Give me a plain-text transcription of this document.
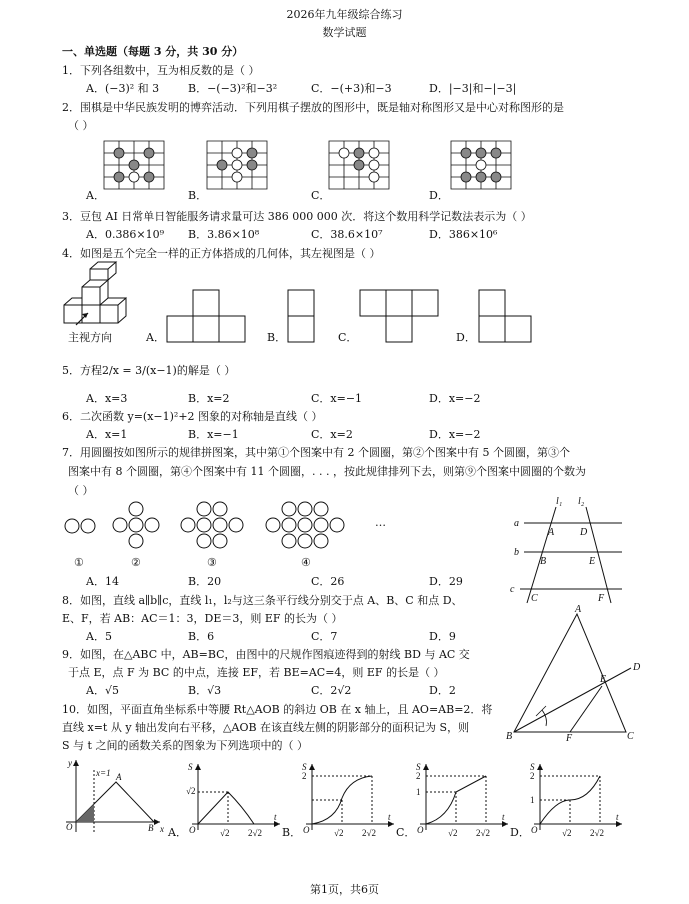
2026年九年级综合练习
数学试题
一、单选题（每题 3 分，共 30 分）
1．下列各组数中，互为相反数的是（ ）
A．(−3)² 和 3	B．−(−3)²和−3²	C．−(+3)和−3	D．|−3|和−|−3|
2．围棋是中华民族发明的博弈活动．下列用棋子摆放的图形中，既是轴对称图形又是中心对称图形的是
（ ）
A．	B．	C．	D．
3．豆包 AI 日常单日智能服务请求量可达 386 000 000 次．将这个数用科学记数法表示为（ ）
A．0.386×10⁹ B．3.86×10⁸	C．38.6×10⁷	D．386×10⁶
4．如图是五个完全一样的正方体搭成的几何体，其左视图是（ ）
主视方向	A．	B．	C．	D．
5．方程2/x = 3/(x−1)的解是（ ）
A．x=3	B．x=2	C．x=−1	D．x=−2
6．二次函数 y=(x−1)²+2 图象的对称轴是直线（ ）
A．x=1	B．x=−1	C．x=2	D．x=−2
7．用圆圈按如图所示的规律拼图案，其中第①个图案中有 2 个圆圈，第②个图案中有 5 个圆圈，第③个
图案中有 8 个圆圈，第④个图案中有 11 个圆圈，. . . ，按此规律排列下去，则第⑨个图案中圆圈的个数为
（ ）
…
①	②	③	④
A．14	B．20	C．26	D．29
l₁ l₂
a
b
c
A	D
B	E
C	F
8．如图，直线 a∥b∥c，直线 l₁，l₂与这三条平行线分别交于点 A、B、C 和点 D、
E、F，若 AB：AC＝1：3，DE＝3，则 EF 的长为（ ）
A．5	B．6	C．7	D．9
A
D
E
B	F	C
9．如图，在△ABC 中，AB=BC，由图中的尺规作图痕迹得到的射线 BD 与 AC 交
于点 E，点 F 为 BC 的中点，连接 EF，若 BE=AC=4，则 EF 的长是（ ）
A．√5	B．√3	C．2√2	D．2
10．如图，平面直角坐标系中等腰 Rt△AOB 的斜边 OB 在 x 轴上，且 AO=AB=2．将
直线 x=t 从 y 轴出发向右平移，△AOB 在该直线左侧的阴影部分的面积记为 S，则
S 与 t 之间的函数关系的图象为下列选项中的（ ）
y
x=1 A
O	B x
S
√2
O	√2 2√2
t
A．
S
2
O	√2 2√2
t
B．
S
2
1
O	√2 2√2
t
C．
S
2
1
O	√2 2√2
t
D．
第1页，共6页
